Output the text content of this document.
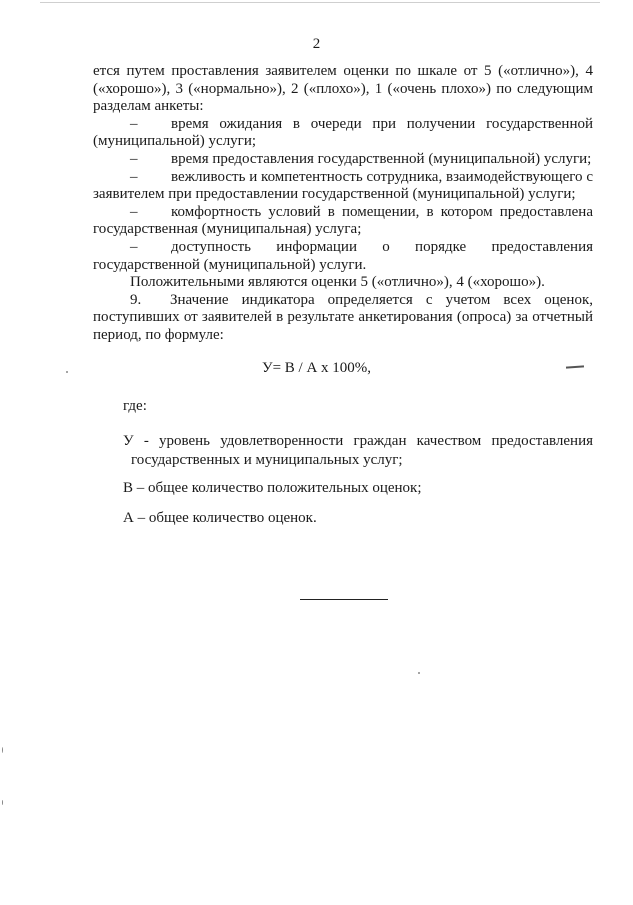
2

ется путем проставления заявителем оценки по шкале от 5 («отлично»), 4 («хорошо»), 3 («нормально»), 2 («плохо»), 1 («очень плохо») по следующим разделам анкеты:

– время ожидания в очереди при получении государственной (муниципальной) услуги;

– время предоставления государственной (муниципальной) услуги;

– вежливость и компетентность сотрудника, взаимодействующего с заявителем при предоставлении государственной (муниципальной) услуги;

– комфортность условий в помещении, в котором предоставлена государственная (муниципальная) услуга;

– доступность информации о порядке предоставления государственной (муниципальной) услуги.

Положительными являются оценки 5 («отлично»), 4 («хорошо»).

9. Значение индикатора определяется с учетом всех оценок, поступивших от заявителей в результате анкетирования (опроса) за отчетный период, по формуле:

У= В / А х 100%,
где:

У - уровень удовлетворенности граждан качеством предоставления государственных и муниципальных услуг;

В – общее количество положительных оценок;

А – общее количество оценок.
